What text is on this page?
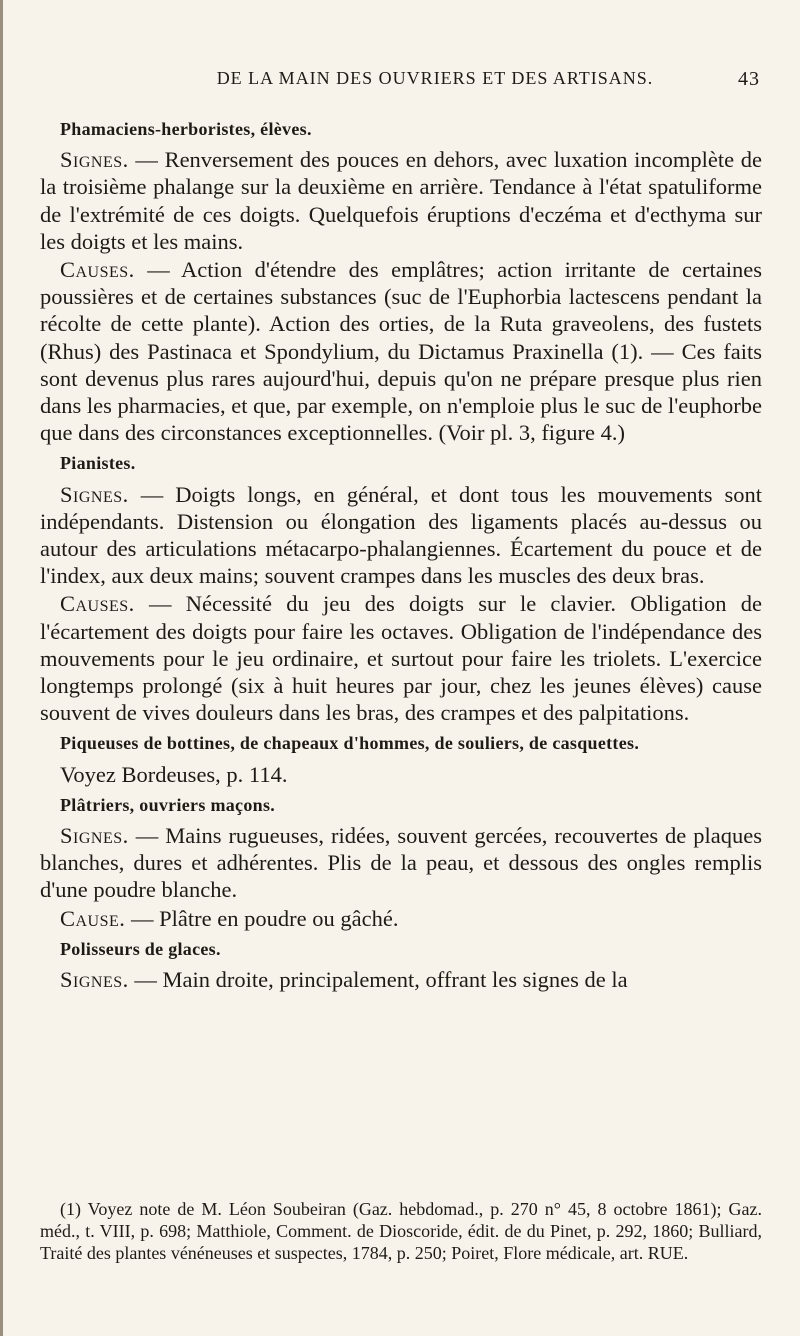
DE LA MAIN DES OUVRIERS ET DES ARTISANS.	43
Phamaciens-herboristes, élèves.

Signes. — Renversement des pouces en dehors, avec luxation incomplète de la troisième phalange sur la deuxième en arrière. Tendance à l'état spatuliforme de l'extrémité de ces doigts. Quelquefois éruptions d'eczéma et d'ecthyma sur les doigts et les mains.

Causes. — Action d'étendre des emplâtres; action irritante de certaines poussières et de certaines substances (suc de l'Euphorbia lactescens pendant la récolte de cette plante). Action des orties, de la Ruta graveolens, des fustets (Rhus) des Pastinaca et Spondylium, du Dictamus Praxinella (1). — Ces faits sont devenus plus rares aujourd'hui, depuis qu'on ne prépare presque plus rien dans les pharmacies, et que, par exemple, on n'emploie plus le suc de l'euphorbe que dans des circonstances exceptionnelles. (Voir pl. 3, figure 4.)

Pianistes.

Signes. — Doigts longs, en général, et dont tous les mouvements sont indépendants. Distension ou élongation des ligaments placés au-dessus ou autour des articulations métacarpo-phalangiennes. Écartement du pouce et de l'index, aux deux mains; souvent crampes dans les muscles des deux bras.

Causes. — Nécessité du jeu des doigts sur le clavier. Obligation de l'écartement des doigts pour faire les octaves. Obligation de l'indépendance des mouvements pour le jeu ordinaire, et surtout pour faire les triolets. L'exercice longtemps prolongé (six à huit heures par jour, chez les jeunes élèves) cause souvent de vives douleurs dans les bras, des crampes et des palpitations.

Piqueuses de bottines, de chapeaux d'hommes, de souliers, de casquettes.

Voyez Bordeuses, p. 114.

Plâtriers, ouvriers maçons.

Signes. — Mains rugueuses, ridées, souvent gercées, recouvertes de plaques blanches, dures et adhérentes. Plis de la peau, et dessous des ongles remplis d'une poudre blanche.

Cause. — Plâtre en poudre ou gâché.

Polisseurs de glaces.

Signes. — Main droite, principalement, offrant les signes de la

(1) Voyez note de M. Léon Soubeiran (Gaz. hebdomad., p. 270 n° 45, 8 octobre 1861); Gaz. méd., t. VIII, p. 698; Matthiole, Comment. de Dioscoride, édit. de du Pinet, p. 292, 1860; Bulliard, Traité des plantes vénéneuses et suspectes, 1784, p. 250; Poiret, Flore médicale, art. RUE.
